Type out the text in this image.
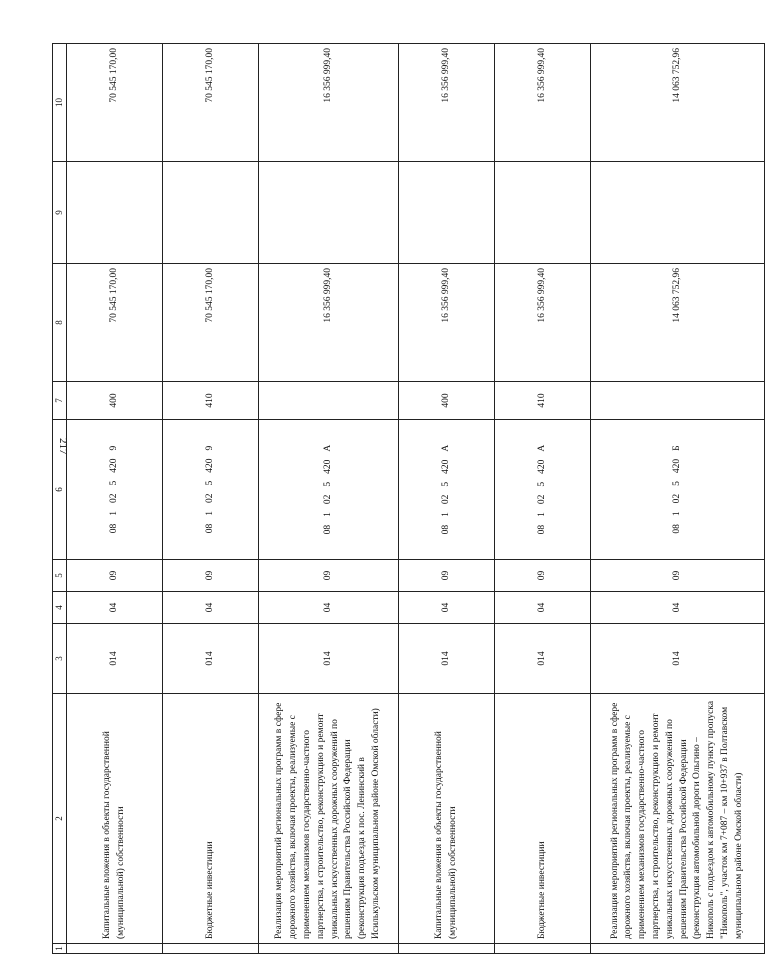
217
1	2	3	4	5	6	7	8	9	10
	Капитальные вложения в объекты государственной (муниципальной) собственности	014	04	09	0810254209	400	70 545 170,00		70 545 170,00
	Бюджетные инвестиции	014	04	09	0810254209	410	70 545 170,00		70 545 170,00
	Реализация мероприятий региональных программ в сфере дорожного хозяйства, включая проекты, реализуемые с применением механизмов государственно-частного партнерства, и строительство, реконструкцию и ремонт уникальных искусственных дорожных сооружений по решениям Правительства Российской Федерации (реконструкция подъезда к пос. Ленинский в Исилькульском муниципальном районе Омской области)	014	04	09	081025420А		16 356 999,40		16 356 999,40
	Капитальные вложения в объекты государственной (муниципальной) собственности	014	04	09	081025420А	400	16 356 999,40		16 356 999,40
	Бюджетные инвестиции	014	04	09	081025420А	410	16 356 999,40		16 356 999,40
	Реализация мероприятий региональных программ в сфере дорожного хозяйства, включая проекты, реализуемые с применением механизмов государственно-частного партнерства, и строительство, реконструкцию и ремонт уникальных искусственных дорожных сооружений по решениям Правительства Российской Федерации (реконструкция автомобильной дороги Ольгино – Никополь с подъездом к автомобильному пункту пропуска "Никополь", участок км 7+087 – км 10+937 в Полтавском муниципальном районе Омской области)	014	04	09	081025420Б		14 063 752,96		14 063 752,96
